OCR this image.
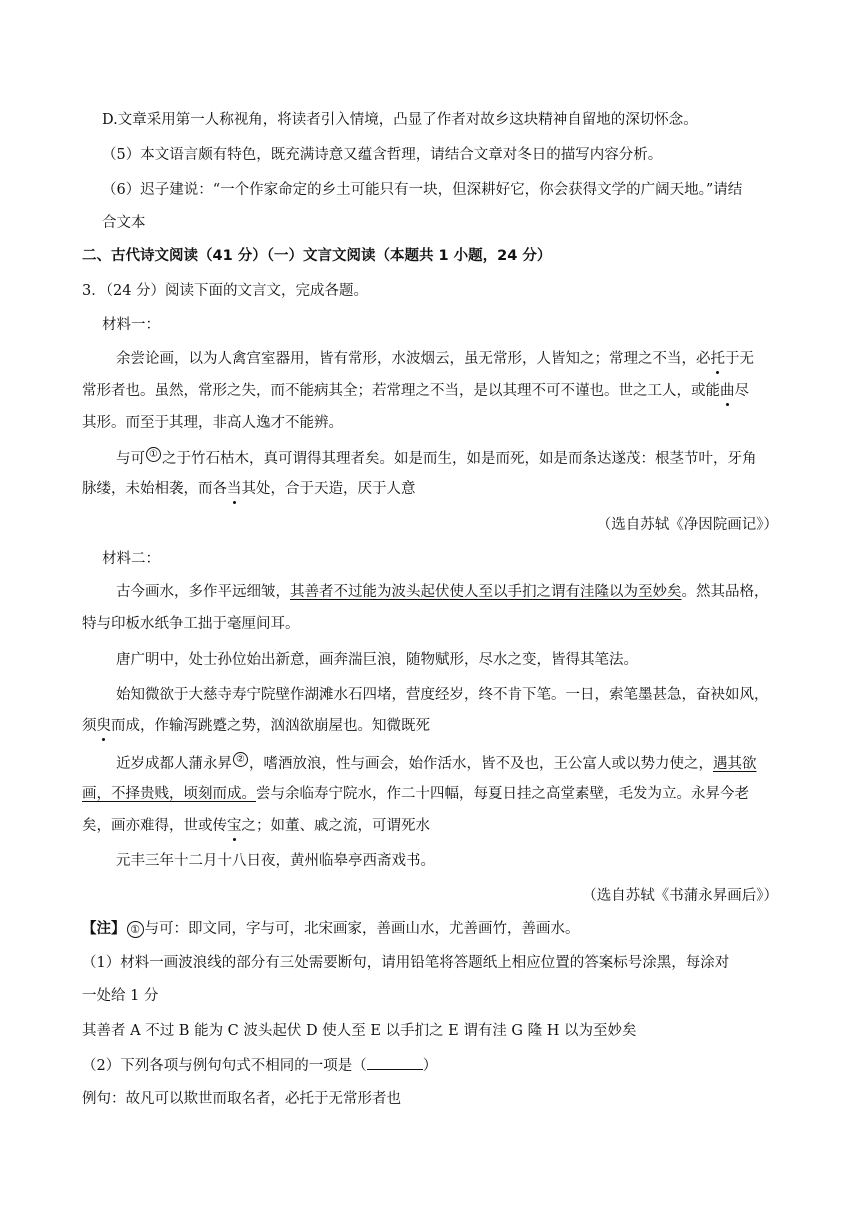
D.文章采用第一人称视角，将读者引入情境，凸显了作者对故乡这块精神自留地的深切怀念。
（5）本文语言颇有特色，既充满诗意又蕴含哲理，请结合文章对冬日的描写内容分析。
（6）迟子建说：“一个作家命定的乡土可能只有一块，但深耕好它，你会获得文学的广阔天地。”请结
合文本
二、古代诗文阅读（41 分）（一）文言文阅读（本题共 1 小题，24 分）
3．（24 分）阅读下面的文言文，完成各题。
材料一：
余尝论画，以为人禽宫室器用，皆有常形，水波烟云，虽无常形，人皆知之；常理之不当，必托于无
常形者也。虽然，常形之失，而不能病其全；若常理之不当，是以其理不可不谨也。世之工人，或能曲尽
其形。而至于其理，非高人逸才不能辨。
与可 ① 之于竹石枯木，真可谓得其理者矣。如是而生，如是而死，如是而条达遂茂：根茎节叶，牙角
脉缕，未始相袭，而各当其处，合于天造，厌于人意
（选自苏轼《净因院画记》）
材料二：
古今画水，多作平远细皱，其善者不过能为波头起伏使人至以手扪之谓有洼隆以为至妙矣。然其品格，
特与印板水纸争工拙于毫厘间耳。
唐广明中，处士孙位始出新意，画奔湍巨浪，随物赋形，尽水之变，皆得其笔法。
始知微欲于大慈寺寿宁院壁作湖滩水石四堵，营度经岁，终不肯下笔。一日，索笔墨甚急，奋袂如风，
须臾而成，作输泻跳蹙之势，汹汹欲崩屋也。知微既死
近岁成都人蒲永昇 ② ，嗜酒放浪，性与画会，始作活水，皆不及也，王公富人或以势力使之，遇其欲
画，不择贵贱，顷刻而成。尝与余临寿宁院水，作二十四幅，每夏日挂之高堂素壁，毛发为立。永昇今老
矣，画亦难得，世或传宝之；如董、戚之流，可谓死水
元丰三年十二月十八日夜，黄州临皋亭西斋戏书。
（选自苏轼《书蒲永昇画后》）
【注】 ① 与可：即文同，字与可，北宋画家，善画山水，尤善画竹，善画水。
（1）材料一画波浪线的部分有三处需要断句，请用铅笔将答题纸上相应位置的答案标号涂黑，每涂对
一处给 1 分
其善者 A 不过 B 能为 C 波头起伏 D 使人至 E 以手扪之 E 谓有洼 G 隆 H 以为至妙矣
（2）下列各项与例句句式不相同的一项是（	）
例句：故凡可以欺世而取名者，必托于无常形者也
